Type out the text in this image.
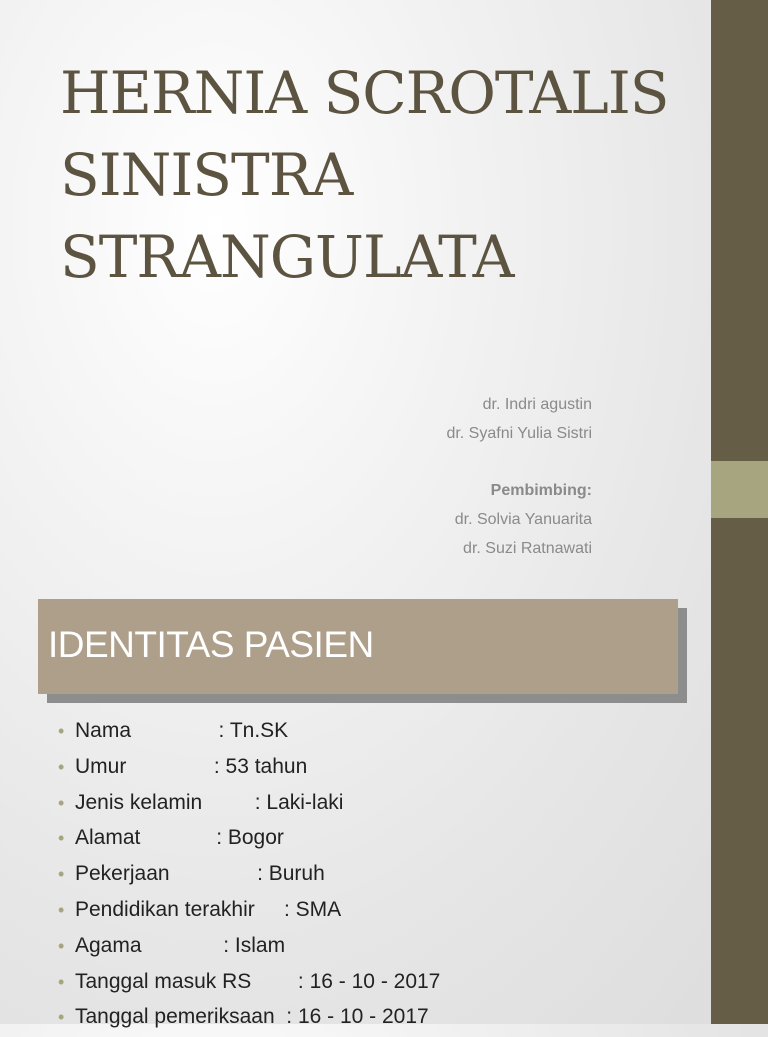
HERNIA SCROTALIS
SINISTRA
STRANGULATA
dr. Indri agustin
dr. Syafni Yulia Sistri
Pembimbing:
dr. Solvia Yanuarita
dr. Suzi Ratnawati
IDENTITAS PASIEN
• Nama               : Tn.SK
• Umur               : 53 tahun
• Jenis kelamin         : Laki-laki
• Alamat             : Bogor
• Pekerjaan               : Buruh
• Pendidikan terakhir     : SMA
• Agama              : Islam
• Tanggal masuk RS        : 16 - 10 - 2017
• Tanggal pemeriksaan  : 16 - 10 - 2017
